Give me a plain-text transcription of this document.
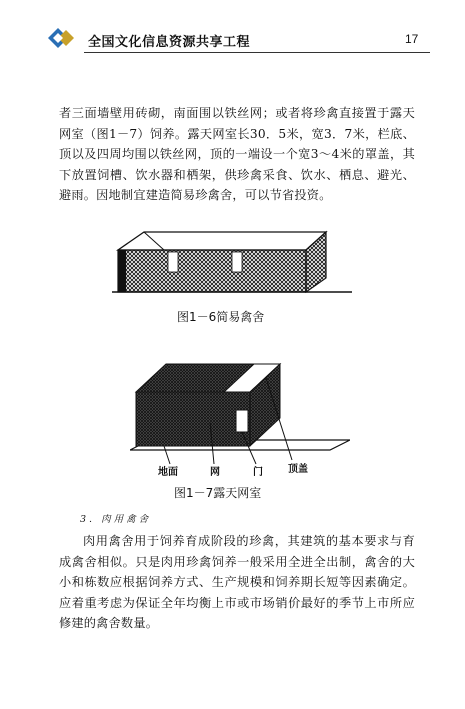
全国文化信息资源共享工程	17

者三面墙壁用砖砌，南面围以铁丝网；或者将珍禽直接置于露天网室（图1－7）饲养。露天网室长30．5米，宽3．7米，栏底、顶以及四周均围以铁丝网，顶的一端设一个宽3～4米的罩盖，其下放置饲槽、饮水器和栖架，供珍禽采食、饮水、栖息、避光、避雨。因地制宜建造简易珍禽舍，可以节省投资。

图1－6简易禽舍
地面	网	门	顶盖
图1－7露天网室
3. 肉用禽舍

肉用禽舍用于饲养育成阶段的珍禽，其建筑的基本要求与育成禽舍相似。只是肉用珍禽饲养一般采用全进全出制，禽舍的大小和栋数应根据饲养方式、生产规模和饲养期长短等因素确定。应着重考虑为保证全年均衡上市或市场销价最好的季节上市所应修建的禽舍数量。
